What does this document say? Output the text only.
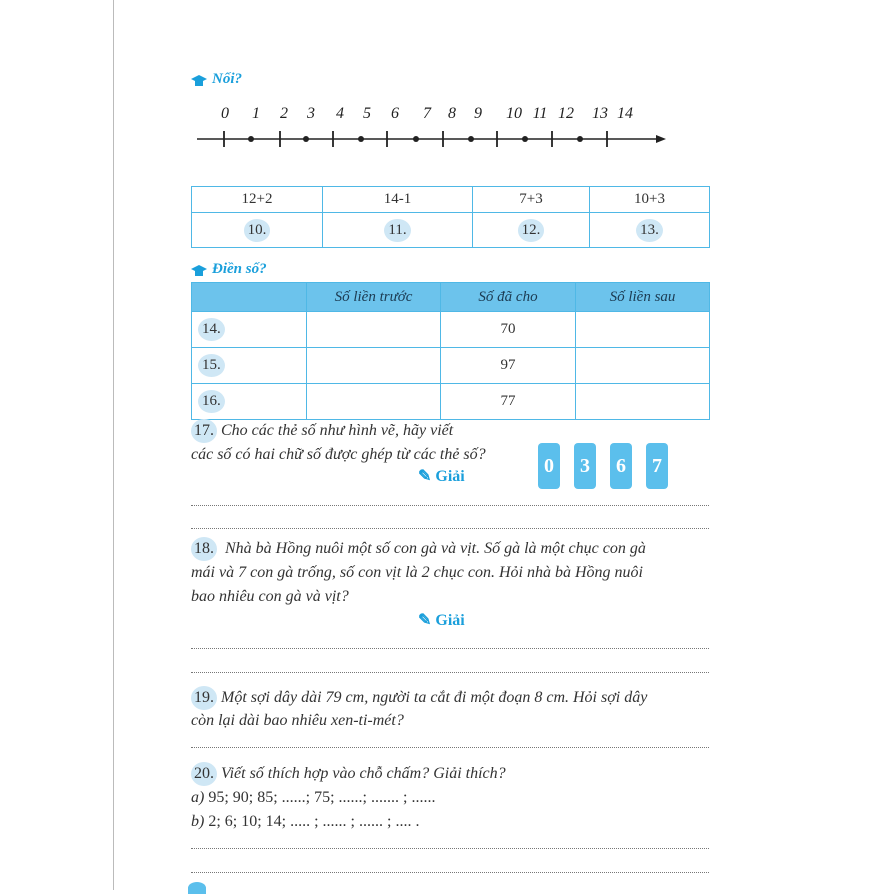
Nối?
0 1 2 3 4 5 6 7 8 9 10 11 12 13 14
12+2	14-1	7+3	10+3
10.	11.	12.	13.
Điền số?
	Số liền trước	Số đã cho	Số liền sau
14.		70	
15.		97	
16.		77	
17. Cho các thẻ số như hình vẽ, hãy viết
các số có hai chữ số được ghép từ các thẻ số?
✎ Giải	0	3	6	7
18. Nhà bà Hồng nuôi một số con gà và vịt. Số gà là một chục con gà
mái và 7 con gà trống, số con vịt là 2 chục con. Hỏi nhà bà Hồng nuôi
bao nhiêu con gà và vịt?
✎ Giải
19. Một sợi dây dài 79 cm, người ta cắt đi một đoạn 8 cm. Hỏi sợi dây
còn lại dài bao nhiêu xen-ti-mét?
20. Viết số thích hợp vào chỗ chấm? Giải thích?
a) 95; 90; 85; ......; 75; ......; ....... ; ......
b) 2; 6; 10; 14; ..... ; ...... ; ...... ; .... .
